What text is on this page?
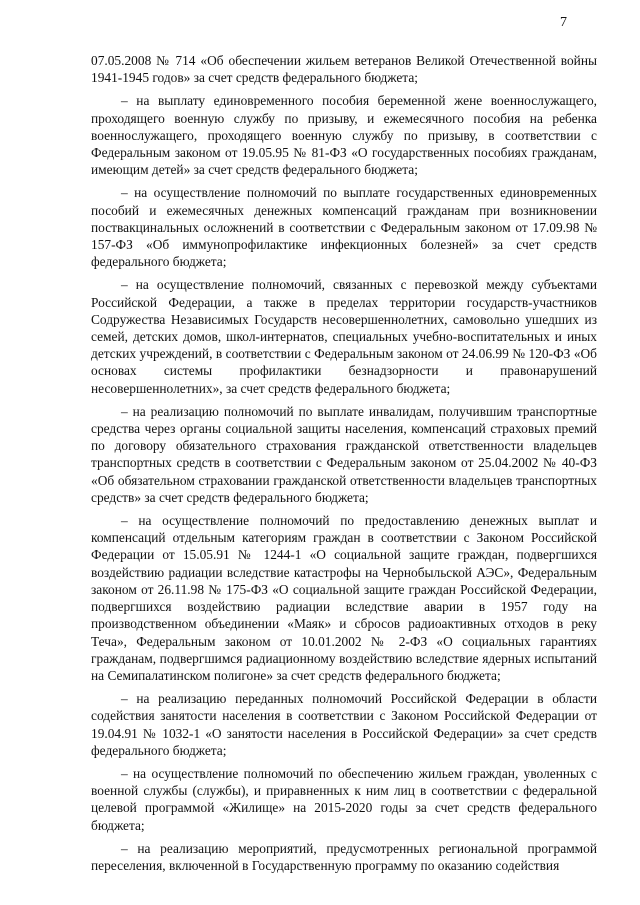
7

07.05.2008 № 714 «Об обеспечении жильем ветеранов Великой Отечественной войны 1941-1945 годов» за счет средств федерального бюджета;

– на выплату единовременного пособия беременной жене военнослужащего, проходящего военную службу по призыву, и ежемесячного пособия на ребенка военнослужащего, проходящего военную службу по призыву, в соответствии с Федеральным законом от 19.05.95 № 81-ФЗ «О государственных пособиях гражданам, имеющим детей» за счет средств федерального бюджета;

– на осуществление полномочий по выплате государственных единовременных пособий и ежемесячных денежных компенсаций гражданам при возникновении поствакцинальных осложнений в соответствии с Федеральным законом от 17.09.98 № 157-ФЗ «Об иммунопрофилактике инфекционных болезней» за счет средств федерального бюджета;

– на осуществление полномочий, связанных с перевозкой между субъектами Российской Федерации, а также в пределах территории государств-участников Содружества Независимых Государств несовершеннолетних, самовольно ушедших из семей, детских домов, школ-интернатов, специальных учебно-воспитательных и иных детских учреждений, в соответствии с Федеральным законом от 24.06.99 № 120-ФЗ «Об основах системы профилактики безнадзорности и правонарушений несовершеннолетних», за счет средств федерального бюджета;

– на реализацию полномочий по выплате инвалидам, получившим транспортные средства через органы социальной защиты населения, компенсаций страховых премий по договору обязательного страхования гражданской ответственности владельцев транспортных средств в соответствии с Федеральным законом от 25.04.2002 № 40-ФЗ «Об обязательном страховании гражданской ответственности владельцев транспортных средств» за счет средств федерального бюджета;

– на осуществление полномочий по предоставлению денежных выплат и компенсаций отдельным категориям граждан в соответствии с Законом Российской Федерации от 15.05.91 № 1244-1 «О социальной защите граждан, подвергшихся воздействию радиации вследствие катастрофы на Чернобыльской АЭС», Федеральным законом от 26.11.98 № 175-ФЗ «О социальной защите граждан Российской Федерации, подвергшихся воздействию радиации вследствие аварии в 1957 году на производственном объединении «Маяк» и сбросов радиоактивных отходов в реку Теча», Федеральным законом от 10.01.2002 № 2-ФЗ «О социальных гарантиях гражданам, подвергшимся радиационному воздействию вследствие ядерных испытаний на Семипалатинском полигоне» за счет средств федерального бюджета;

– на реализацию переданных полномочий Российской Федерации в области содействия занятости населения в соответствии с Законом Российской Федерации от 19.04.91 № 1032-1 «О занятости населения в Российской Федерации» за счет средств федерального бюджета;

– на осуществление полномочий по обеспечению жильем граждан, уволенных с военной службы (службы), и приравненных к ним лиц в соответствии с федеральной целевой программой «Жилище» на 2015-2020 годы за счет средств федерального бюджета;

– на реализацию мероприятий, предусмотренных региональной программой переселения, включенной в Государственную программу по оказанию содействия
